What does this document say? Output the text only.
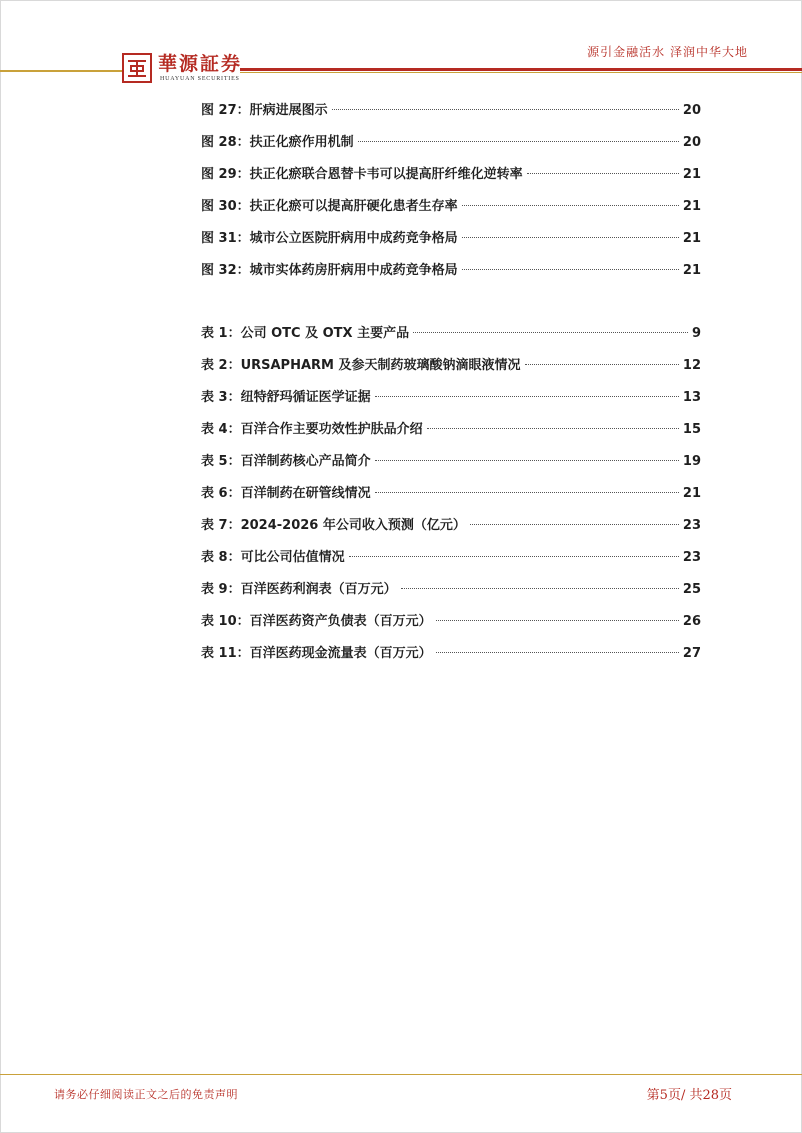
源引金融活水 泽润中华大地
華源証券
HUAYUAN SECURITIES
图 27：肝病进展图示	20
图 28：扶正化瘀作用机制	20
图 29：扶正化瘀联合恩替卡韦可以提高肝纤维化逆转率	21
图 30：扶正化瘀可以提高肝硬化患者生存率	21
图 31：城市公立医院肝病用中成药竞争格局	21
图 32：城市实体药房肝病用中成药竞争格局	21
表 1：公司 OTC 及 OTX 主要产品	9
表 2：URSAPHARM 及参天制药玻璃酸钠滴眼液情况	12
表 3：纽特舒玛循证医学证据	13
表 4：百洋合作主要功效性护肤品介绍	15
表 5：百洋制药核心产品简介	19
表 6：百洋制药在研管线情况	21
表 7：2024-2026 年公司收入预测（亿元）	23
表 8：可比公司估值情况	23
表 9：百洋医药利润表（百万元）	25
表 10：百洋医药资产负债表（百万元）	26
表 11：百洋医药现金流量表（百万元）	27
请务必仔细阅读正文之后的免责声明	第5页/ 共28页
